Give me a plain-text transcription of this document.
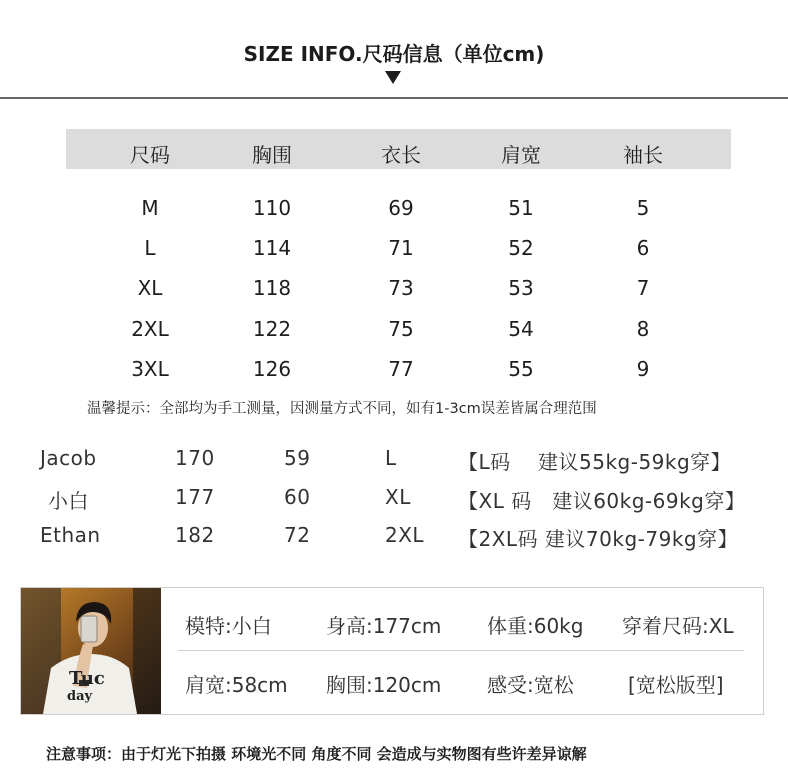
SIZE INFO.尺码信息（单位cm)
尺码	胸围	衣长	肩宽	袖长
M	110	69	51	5
L	114	71	52	6
XL	118	73	53	7
2XL	122	75	54	8
3XL	126	77	55	9
温馨提示：全部均为手工测量，因测量方式不同，如有1-3cm误差皆属合理范围
Jacob	170	59	L	【L码　 建议55kg-59kg穿】
小白	177	60	XL 【XL 码　建议60kg-69kg穿】
Ethan	182	72	2XL 【2XL码 建议70kg-79kg穿】
Tuc
day
模特:小白	身高:177cm 体重:60kg 穿着尺码:XL
肩宽:58cm 胸围:120cm 感受:宽松	[宽松版型]
注意事项：由于灯光下拍摄 环境光不同 角度不同 会造成与实物图有些许差异谅解
